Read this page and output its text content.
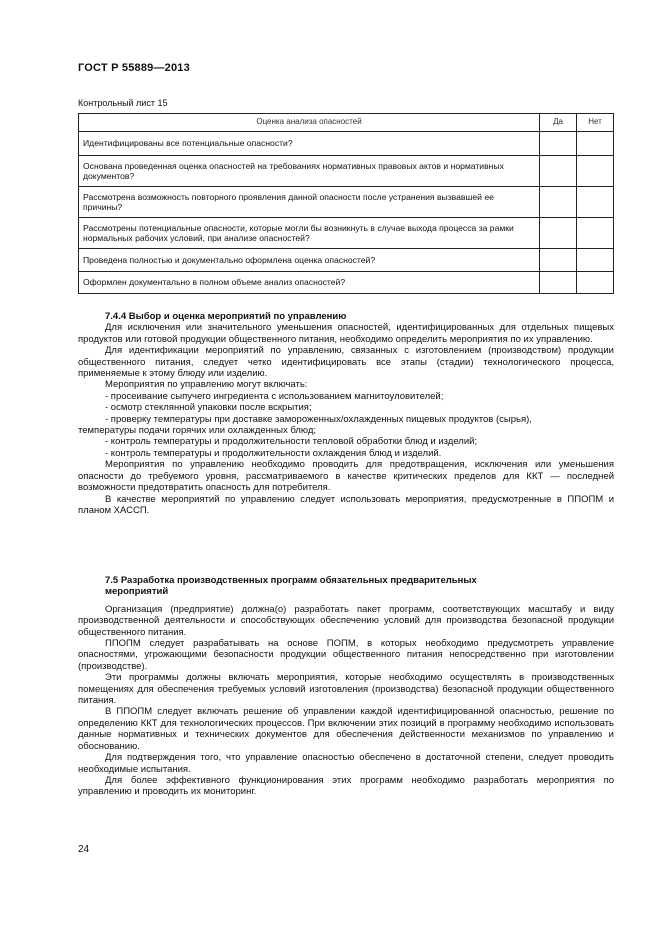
ГОСТ Р 55889—2013
Контрольный лист 15
Оценка анализа опасностей	Да	Нет
Идентифицированы все потенциальные опасности?		
Основана проведенная оценка опасностей на требованиях нормативных правовых актов и нормативных документов?		
Рассмотрена возможность повторного проявления данной опасности после устранения вызвавшей ее причины?		
Рассмотрены потенциальные опасности, которые могли бы возникнуть в случае выхода процесса за рамки нормальных рабочих условий, при анализе опасностей?		
Проведена полностью и документально оформлена оценка опасностей?		
Оформлен документально в полном объеме анализ опасностей?		
7.4.4 Выбор и оценка мероприятий по управлению

Для исключения или значительного уменьшения опасностей, идентифицированных для отдельных пищевых продуктов или готовой продукции общественного питания, необходимо определить мероприятия по их управлению.

Для идентификации мероприятий по управлению, связанных с изготовлением (производством) продукции общественного питания, следует четко идентифицировать все этапы (стадии) технологического процесса, применяемые к этому блюду или изделию.

Мероприятия по управлению могут включать:

- просеивание сыпучего ингредиента с использованием магнитоуловителей;

- осмотр стеклянной упаковки после вскрытия;

- проверку температуры при доставке замороженных/охлажденных пищевых продуктов (сырья),

температуры подачи горячих или охлажденных блюд;

- контроль температуры и продолжительности тепловой обработки блюд и изделий;

- контроль температуры и продолжительности охлаждения блюд и изделий.

Мероприятия по управлению необходимо проводить для предотвращения, исключения или уменьшения опасности до требуемого уровня, рассматриваемого в качестве критических пределов для ККТ — последней возможности предотвратить опасность для потребителя.

В качестве мероприятий по управлению следует использовать мероприятия, предусмотренные в ППОПМ и планом ХАССП.

7.5 Разработка производственных программ обязательных предварительных
мероприятий

Организация (предприятие) должна(о) разработать пакет программ, соответствующих масштабу и виду производственной деятельности и способствующих обеспечению условий для производства безопасной продукции общественного питания.

ППОПМ следует разрабатывать на основе ПОПМ, в которых необходимо предусмотреть управление опасностями, угрожающими безопасности продукции общественного питания непосредственно при изготовлении (производстве).

Эти программы должны включать мероприятия, которые необходимо осуществлять в производственных помещениях для обеспечения требуемых условий изготовления (производства) безопасной продукции общественного питания.

В ППОПМ следует включать решение об управлении каждой идентифицированной опасностью, решение по определению ККТ для технологических процессов. При включении этих позиций в программу необходимо использовать данные нормативных и технических документов для обеспечения действенности механизмов по управлению и обоснованию.

Для подтверждения того, что управление опасностью обеспечено в достаточной степени, следует проводить необходимые испытания.

Для более эффективного функционирования этих программ необходимо разработать мероприятия по управлению и проводить их мониторинг.

24
